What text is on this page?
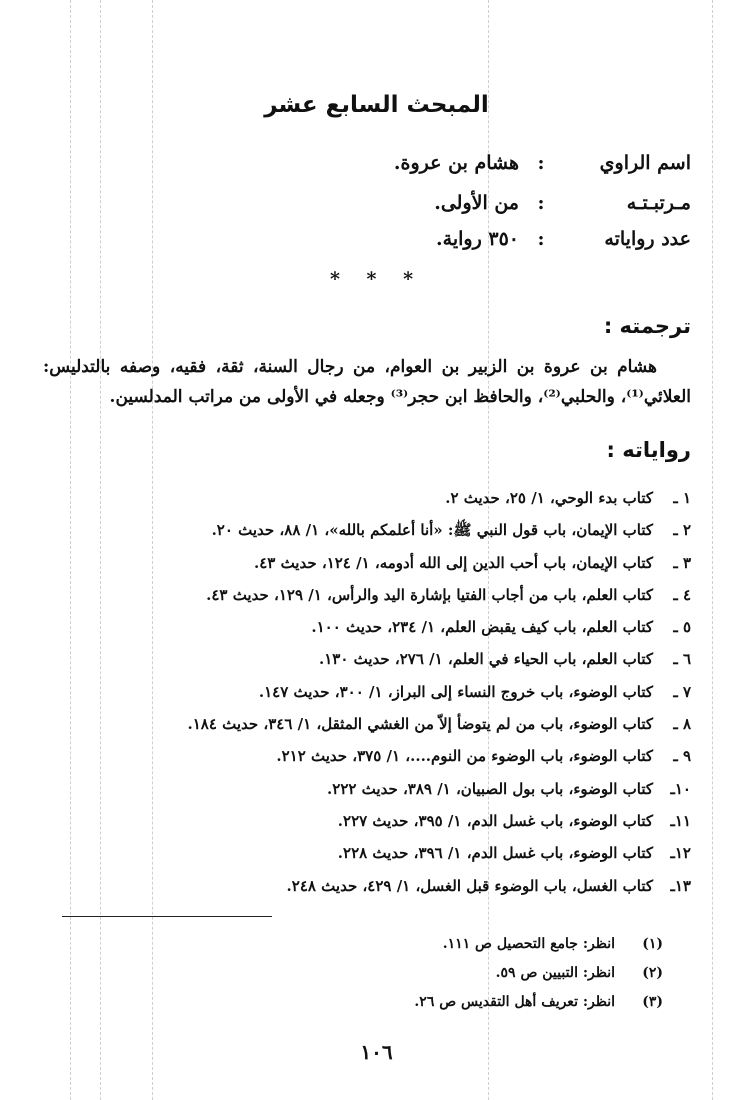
المبحث السابع عشر
اسم الراوي
:
هشام بن عروة.
مـرتبـتـه
:
من الأولى.
عدد رواياته
:
٣٥٠ رواية.
* * *
ترجمته :

هشام بن عروة بن الزبير بن العوام، من رجال السنة، ثقة، فقيه، وصفه بالتدليس: العلائي⁽¹⁾، والحلبي⁽²⁾، والحافظ ابن حجر⁽³⁾ وجعله في الأولى من مراتب المدلسين.

رواياته :
١ ـ
كتاب بدء الوحي، ١/ ٢٥، حديث ٢.
٢ ـ
كتاب الإيمان، باب قول النبي ﷺ: «أنا أعلمكم بالله»، ١/ ٨٨، حديث ٢٠.
٣ ـ
كتاب الإيمان، باب أحب الدين إلى الله أدومه، ١/ ١٢٤، حديث ٤٣.
٤ ـ
كتاب العلم، باب من أجاب الفتيا بإشارة اليد والرأس، ١/ ١٢٩، حديث ٤٣.
٥ ـ
كتاب العلم، باب كيف يقبض العلم، ١/ ٢٣٤، حديث ١٠٠.
٦ ـ
كتاب العلم، باب الحياء في العلم، ١/ ٢٧٦، حديث ١٣٠.
٧ ـ
كتاب الوضوء، باب خروج النساء إلى البراز، ١/ ٣٠٠، حديث ١٤٧.
٨ ـ
كتاب الوضوء، باب من لم يتوضأ إلاّ من الغشي المثقل، ١/ ٣٤٦، حديث ١٨٤.
٩ ـ
كتاب الوضوء، باب الوضوء من النوم....، ١/ ٣٧٥، حديث ٢١٢.
١٠ـ
كتاب الوضوء، باب بول الصبيان، ١/ ٣٨٩، حديث ٢٢٢.
١١ـ
كتاب الوضوء، باب غسل الدم، ١/ ٣٩٥، حديث ٢٢٧.
١٢ـ
كتاب الوضوء، باب غسل الدم، ١/ ٣٩٦، حديث ٢٢٨.
١٣ـ
كتاب الغسل، باب الوضوء قبل الغسل، ١/ ٤٢٩، حديث ٢٤٨.
(١)انظر: جامع التحصيل ص ١١١.
(٢)انظر: التبيين ص ٥٩.
(٣)انظر: تعريف أهل التقديس ص ٢٦.
١٠٦
